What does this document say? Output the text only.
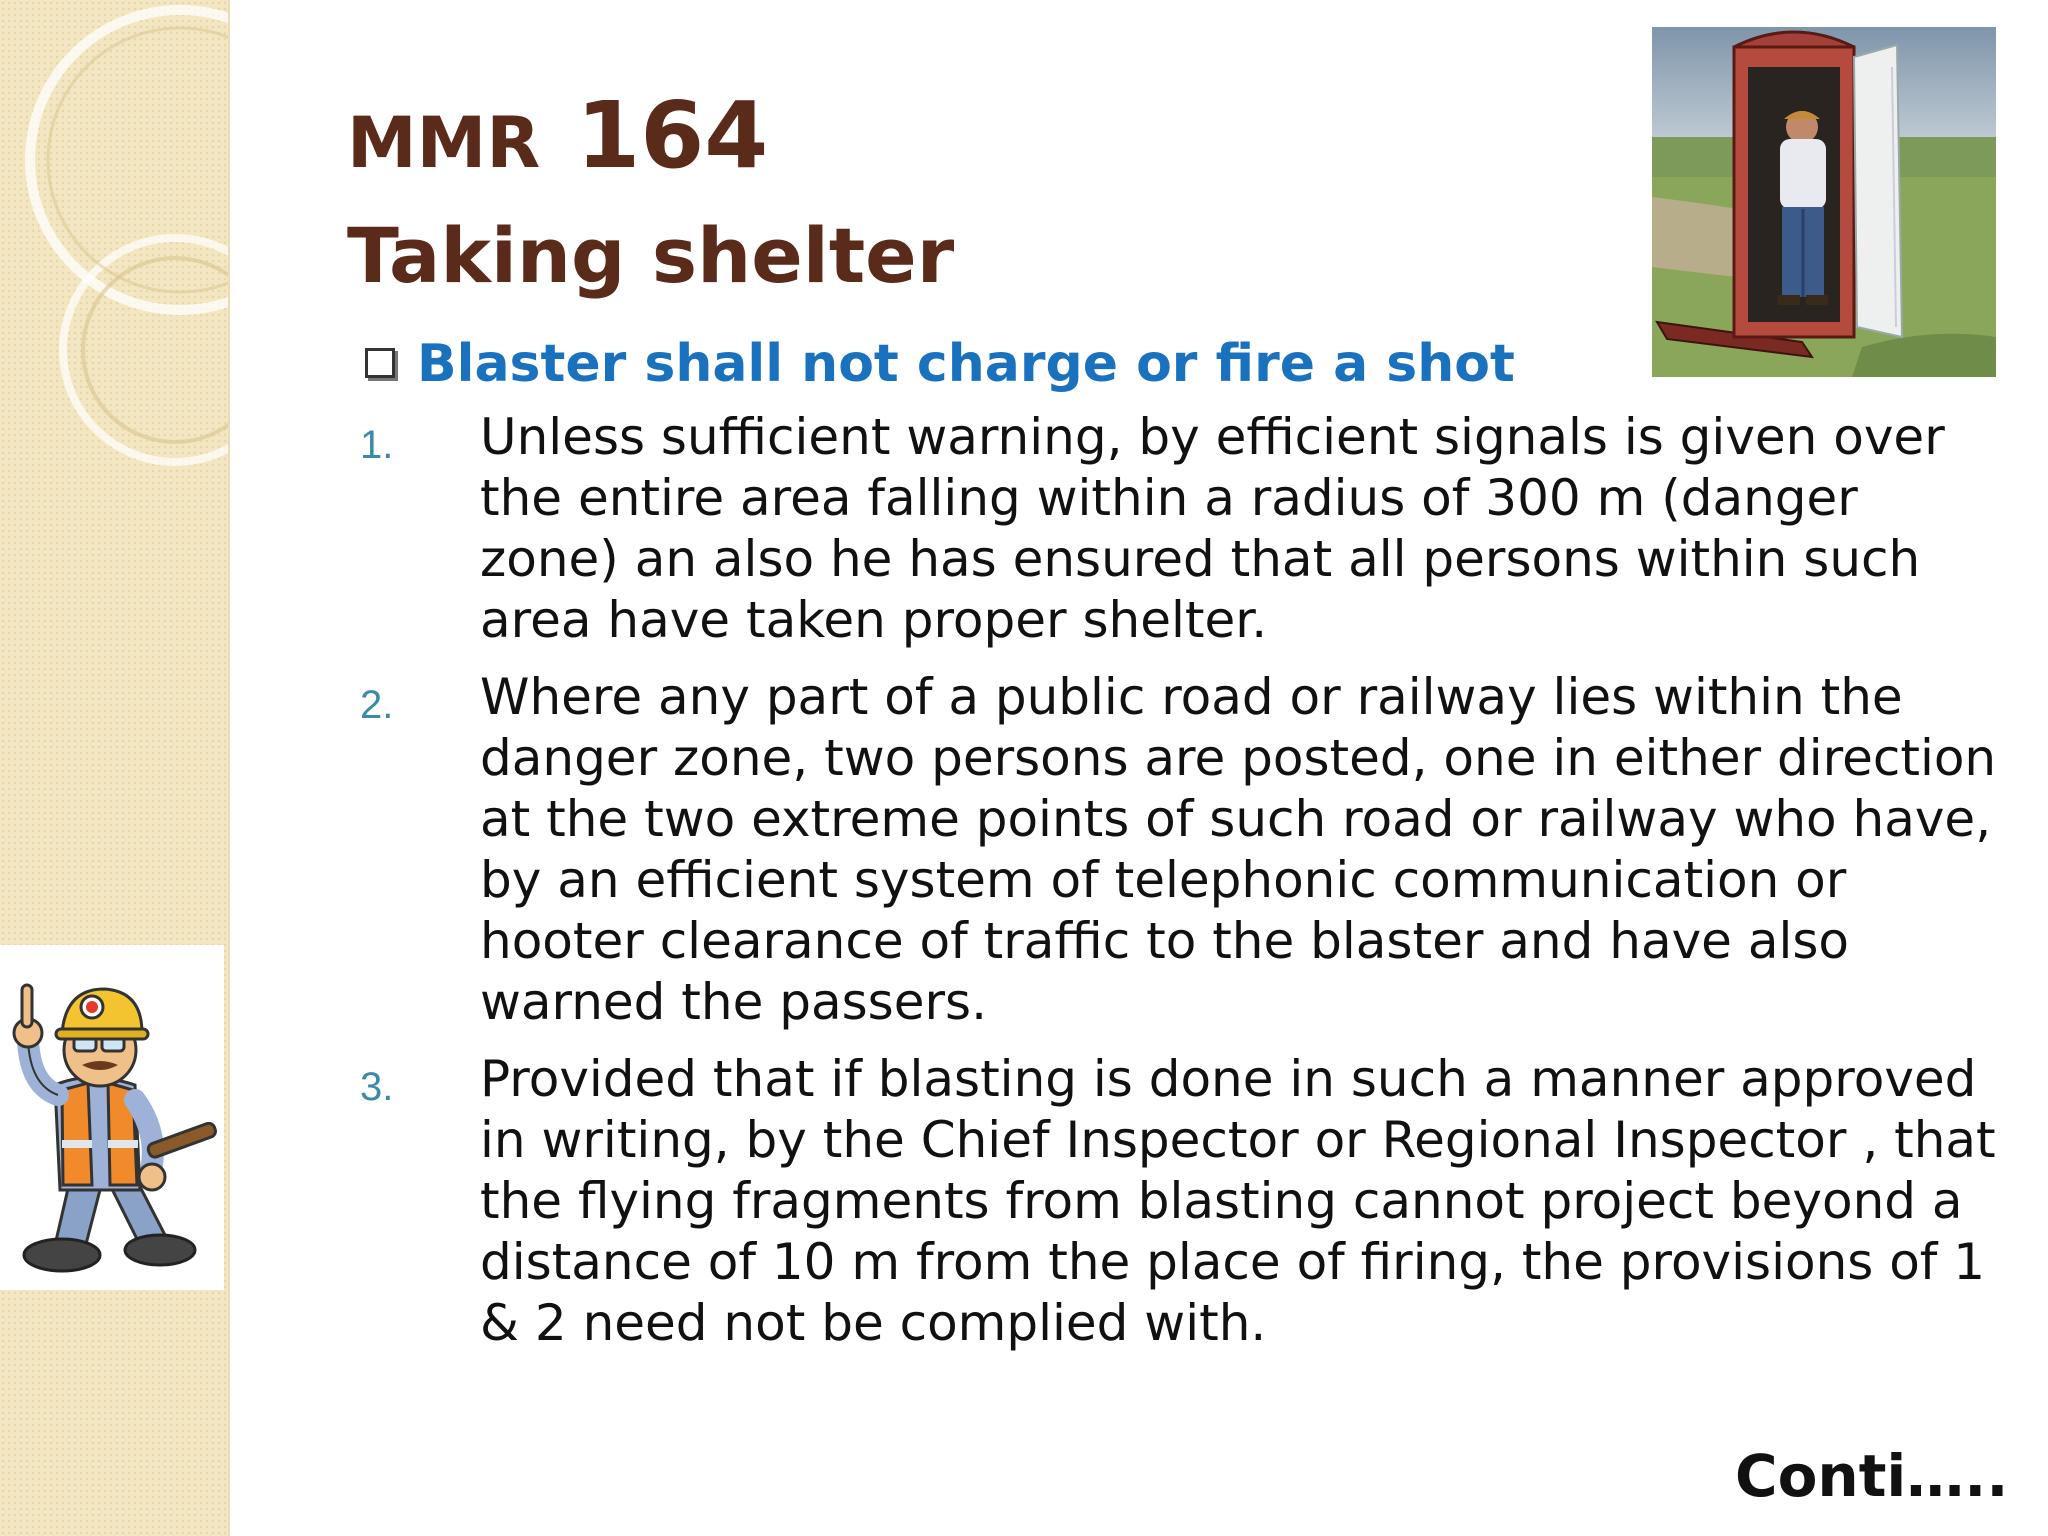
MMR 164
Taking shelter
Blaster shall not charge or fire a shot
1. Unless sufficient warning, by efficient signals is given over the entire area falling within a radius of 300 m (danger zone) an also he has ensured that all persons within such area have taken proper shelter.

2. Where any part of a public road or railway lies within the danger zone, two persons are posted, one in either direction at the two extreme points of such road or railway who have, by an efficient system of telephonic communication or hooter clearance of traffic to the blaster and have also warned the passers.

3. Provided that if blasting is done in such a manner approved in writing, by the Chief Inspector or Regional Inspector , that the flying fragments from blasting cannot project beyond a distance of 10 m from the place of firing, the provisions of 1 & 2 need not be complied with.

Conti…..
